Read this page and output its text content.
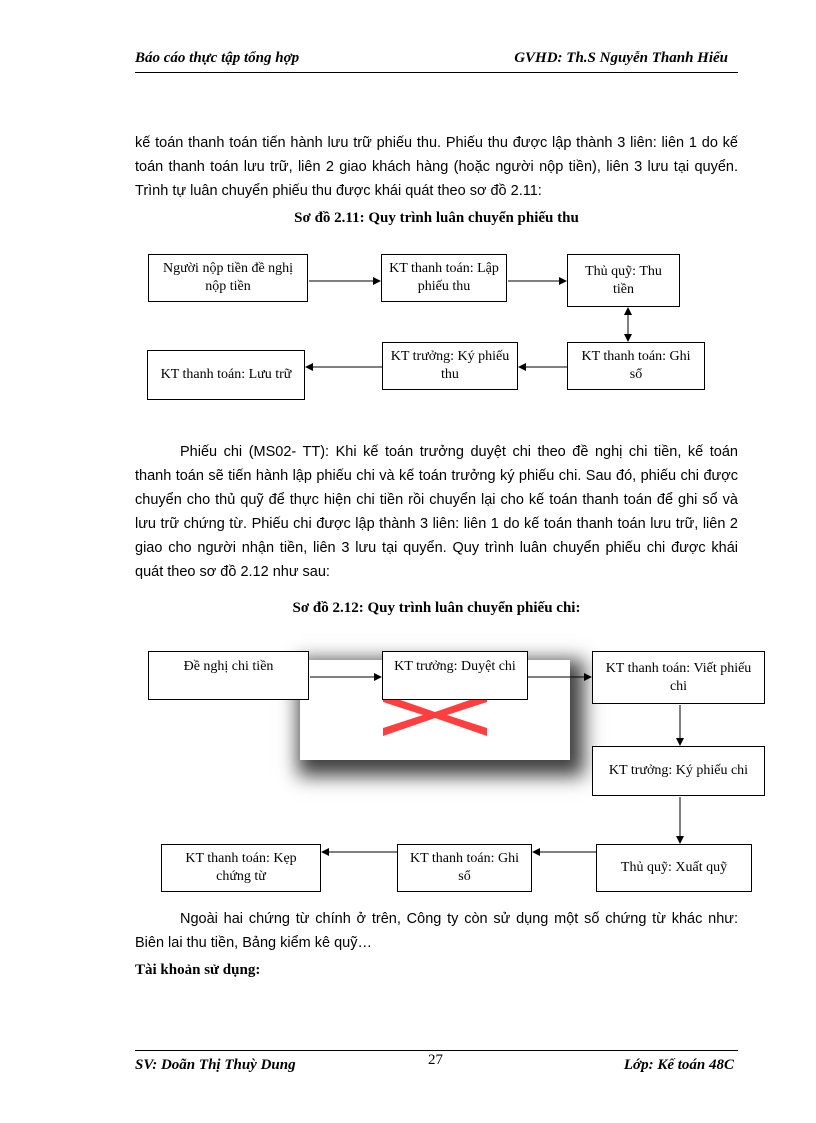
Báo cáo thực tập tổng hợp	GVHD: Th.S Nguyễn Thanh Hiếu

kế toán thanh toán tiến hành lưu trữ phiếu thu. Phiếu thu được lập thành 3 liên: liên 1 do kế toán thanh toán lưu trữ, liên 2 giao khách hàng (hoặc người nộp tiền), liên 3 lưu tại quyển. Trình tự luân chuyển phiếu thu được khái quát theo sơ đồ 2.11:

Sơ đồ 2.11: Quy trình luân chuyển phiếu thu
Người nộp tiền đề nghị nộp tiền
KT thanh toán: Lập phiếu thu
Thủ quỹ: Thu tiền
KT thanh toán: Ghi sổ
KT trưởng: Ký phiếu thu
KT thanh toán: Lưu trữ

Phiếu chi (MS02- TT): Khi kế toán trưởng duyệt chi theo đề nghị chi tiền, kế toán thanh toán sẽ tiến hành lập phiếu chi và kế toán trưởng ký phiếu chi. Sau đó, phiếu chi được chuyển cho thủ quỹ để thực hiện chi tiền rồi chuyển lại cho kế toán thanh toán để ghi sổ và lưu trữ chứng từ. Phiếu chi được lập thành 3 liên: liên 1 do kế toán thanh toán lưu trữ, liên 2 giao cho người nhận tiền, liên 3 lưu tại quyển. Quy trình luân chuyển phiếu chi được khái quát theo sơ đồ 2.12 như sau:

Sơ đồ 2.12: Quy trình luân chuyển phiếu chi:
Đề nghị chi tiền	KT trưởng: Duyệt chi	KT thanh toán: Viết phiếu chi
KT trưởng: Ký phiếu chi
Thủ quỹ: Xuất quỹ
KT thanh toán: Ghi sổ
KT thanh toán: Kẹp chứng từ

Ngoài hai chứng từ chính ở trên, Công ty còn sử dụng một số chứng từ khác như: Biên lai thu tiền, Bảng kiểm kê quỹ…

Tài khoản sử dụng:
SV: Doãn Thị Thuỳ Dung	27	Lớp: Kế toán 48C
